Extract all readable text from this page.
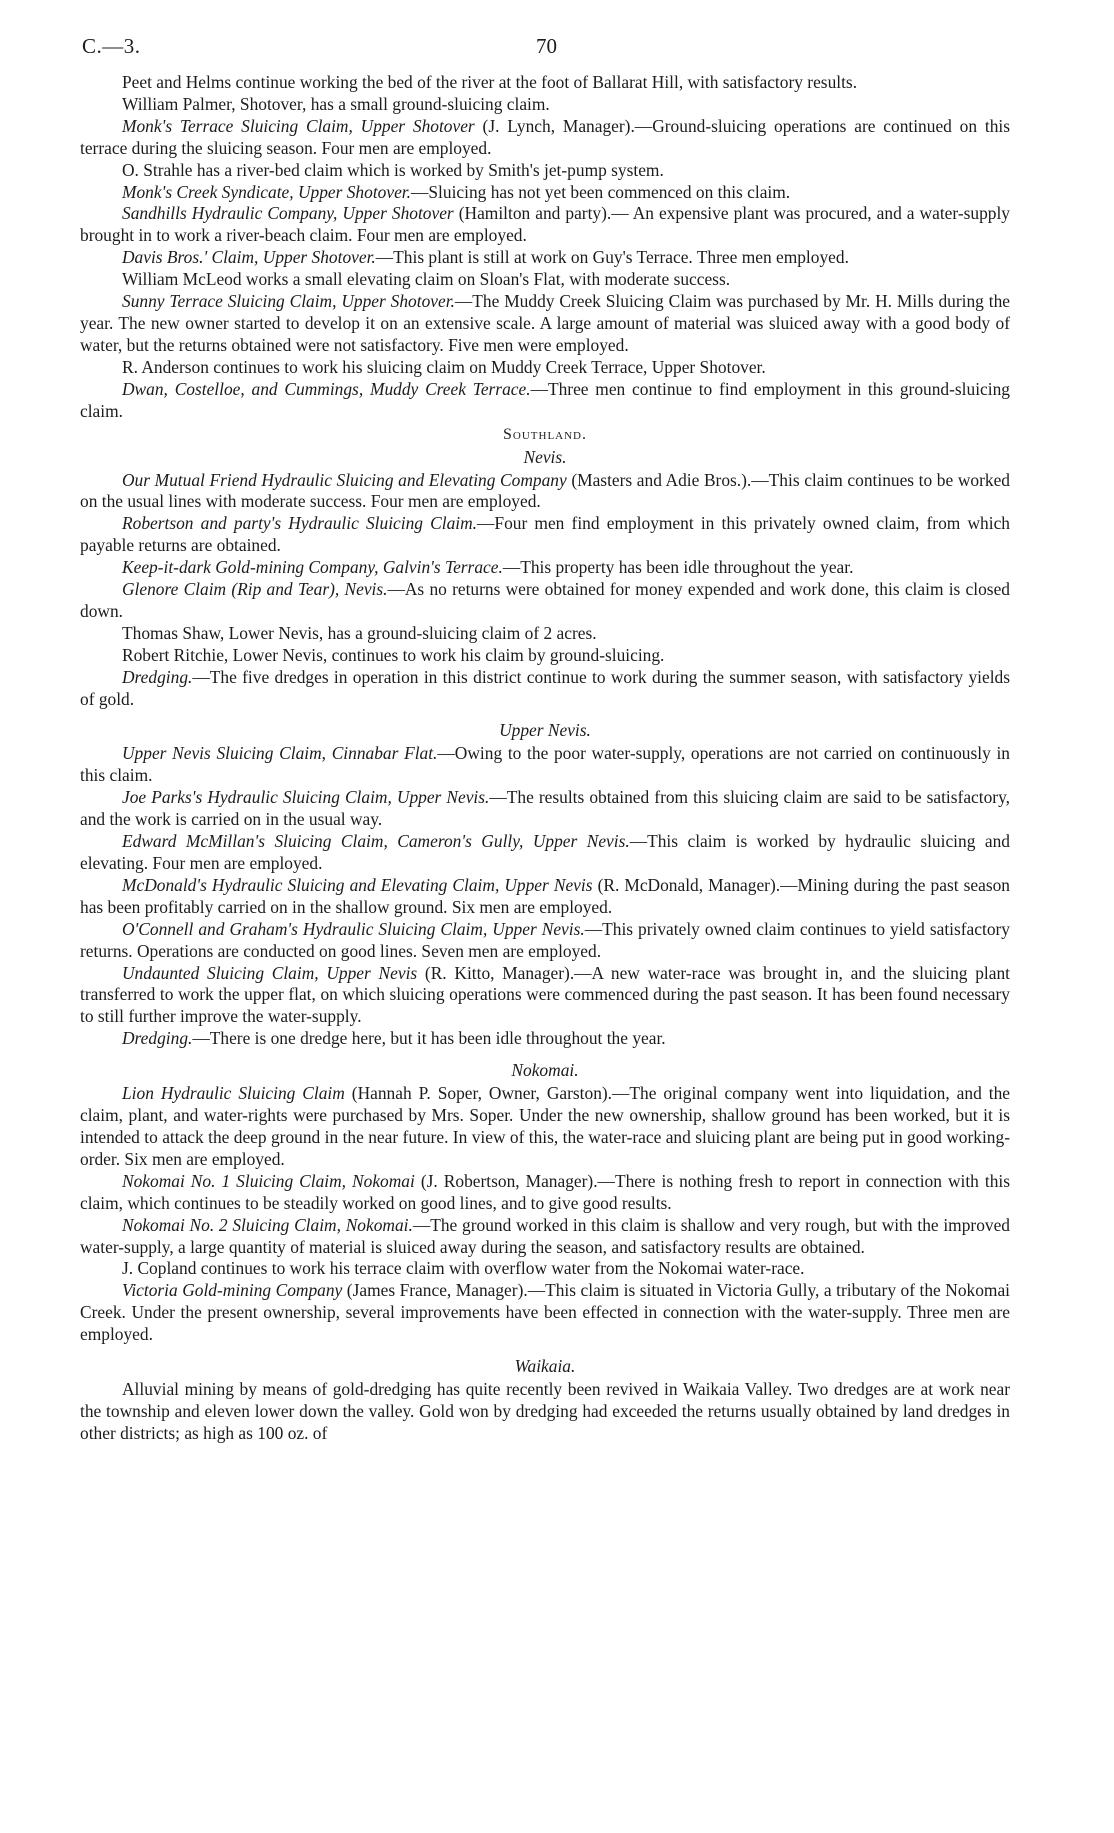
C.—3.	70

Peet and Helms continue working the bed of the river at the foot of Ballarat Hill, with satisfactory results.

William Palmer, Shotover, has a small ground-sluicing claim.

Monk's Terrace Sluicing Claim, Upper Shotover (J. Lynch, Manager).—Ground-sluicing operations are continued on this terrace during the sluicing season. Four men are employed.

O. Strahle has a river-bed claim which is worked by Smith's jet-pump system.

Monk's Creek Syndicate, Upper Shotover.—Sluicing has not yet been commenced on this claim.

Sandhills Hydraulic Company, Upper Shotover (Hamilton and party).— An expensive plant was procured, and a water-supply brought in to work a river-beach claim. Four men are employed.

Davis Bros.' Claim, Upper Shotover.—This plant is still at work on Guy's Terrace. Three men employed.

William McLeod works a small elevating claim on Sloan's Flat, with moderate success.

Sunny Terrace Sluicing Claim, Upper Shotover.—The Muddy Creek Sluicing Claim was purchased by Mr. H. Mills during the year. The new owner started to develop it on an extensive scale. A large amount of material was sluiced away with a good body of water, but the returns obtained were not satisfactory. Five men were employed.

R. Anderson continues to work his sluicing claim on Muddy Creek Terrace, Upper Shotover.

Dwan, Costelloe, and Cummings, Muddy Creek Terrace.—Three men continue to find employment in this ground-sluicing claim.

Southland.
Nevis.

Our Mutual Friend Hydraulic Sluicing and Elevating Company (Masters and Adie Bros.).—This claim continues to be worked on the usual lines with moderate success. Four men are employed.

Robertson and party's Hydraulic Sluicing Claim.—Four men find employment in this privately owned claim, from which payable returns are obtained.

Keep-it-dark Gold-mining Company, Galvin's Terrace.—This property has been idle throughout the year.

Glenore Claim (Rip and Tear), Nevis.—As no returns were obtained for money expended and work done, this claim is closed down.

Thomas Shaw, Lower Nevis, has a ground-sluicing claim of 2 acres.

Robert Ritchie, Lower Nevis, continues to work his claim by ground-sluicing.

Dredging.—The five dredges in operation in this district continue to work during the summer season, with satisfactory yields of gold.

Upper Nevis.

Upper Nevis Sluicing Claim, Cinnabar Flat.—Owing to the poor water-supply, operations are not carried on continuously in this claim.

Joe Parks's Hydraulic Sluicing Claim, Upper Nevis.—The results obtained from this sluicing claim are said to be satisfactory, and the work is carried on in the usual way.

Edward McMillan's Sluicing Claim, Cameron's Gully, Upper Nevis.—This claim is worked by hydraulic sluicing and elevating. Four men are employed.

McDonald's Hydraulic Sluicing and Elevating Claim, Upper Nevis (R. McDonald, Manager).—Mining during the past season has been profitably carried on in the shallow ground. Six men are employed.

O'Connell and Graham's Hydraulic Sluicing Claim, Upper Nevis.—This privately owned claim continues to yield satisfactory returns. Operations are conducted on good lines. Seven men are employed.

Undaunted Sluicing Claim, Upper Nevis (R. Kitto, Manager).—A new water-race was brought in, and the sluicing plant transferred to work the upper flat, on which sluicing operations were commenced during the past season. It has been found necessary to still further improve the water-supply.

Dredging.—There is one dredge here, but it has been idle throughout the year.

Nokomai.

Lion Hydraulic Sluicing Claim (Hannah P. Soper, Owner, Garston).—The original company went into liquidation, and the claim, plant, and water-rights were purchased by Mrs. Soper. Under the new ownership, shallow ground has been worked, but it is intended to attack the deep ground in the near future. In view of this, the water-race and sluicing plant are being put in good working-order. Six men are employed.

Nokomai No. 1 Sluicing Claim, Nokomai (J. Robertson, Manager).—There is nothing fresh to report in connection with this claim, which continues to be steadily worked on good lines, and to give good results.

Nokomai No. 2 Sluicing Claim, Nokomai.—The ground worked in this claim is shallow and very rough, but with the improved water-supply, a large quantity of material is sluiced away during the season, and satisfactory results are obtained.

J. Copland continues to work his terrace claim with overflow water from the Nokomai water-race.

Victoria Gold-mining Company (James France, Manager).—This claim is situated in Victoria Gully, a tributary of the Nokomai Creek. Under the present ownership, several improvements have been effected in connection with the water-supply. Three men are employed.

Waikaia.

Alluvial mining by means of gold-dredging has quite recently been revived in Waikaia Valley. Two dredges are at work near the township and eleven lower down the valley. Gold won by dredging had exceeded the returns usually obtained by land dredges in other districts; as high as 100 oz. of
